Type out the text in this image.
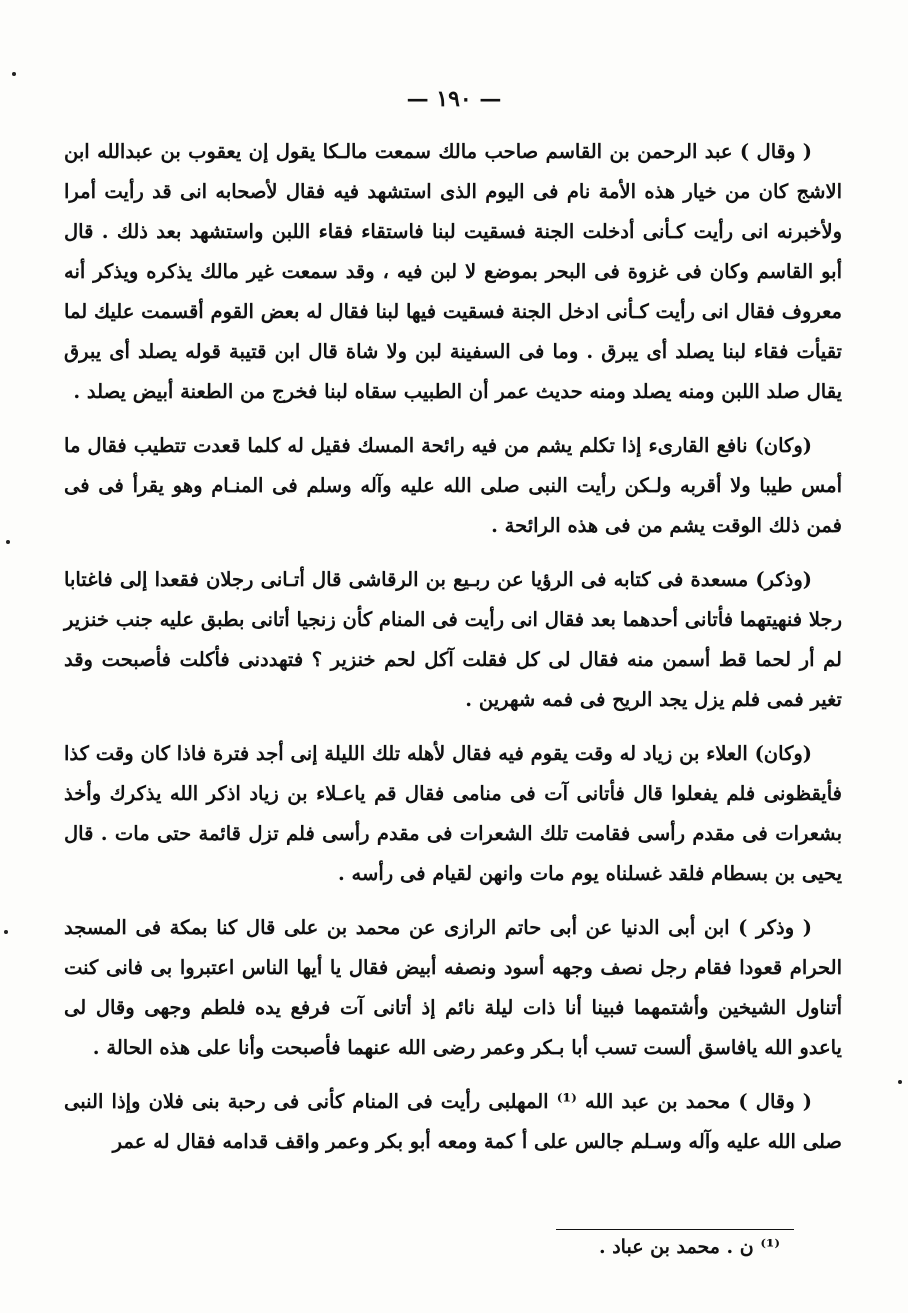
— ١٩٠ —

( وقال ) عبد الرحمن بن القاسم صاحب مالك سمعت مالـكا يقول إن يعقوب بن عبدالله ابن الاشج كان من خيار هذه الأمة نام فى اليوم الذى استشهد فيه فقال لأصحابه انى قد رأيت أمرا ولأخبرنه انى رأيت كـأنى أدخلت الجنة فسقيت لبنا فاستقاء فقاء اللبن واستشهد بعد ذلك . قال أبو القاسم وكان فى غزوة فى البحر بموضع لا لبن فيه ، وقد سمعت غير مالك يذكره ويذكر أنه معروف فقال انى رأيت كـأنى ادخل الجنة فسقيت فيها لبنا فقال له بعض القوم أقسمت عليك لما تقيأت فقاء لبنا يصلد أى يبرق . وما فى السفينة لبن ولا شاة قال ابن قتيبة قوله يصلد أى يبرق يقال صلد اللبن ومنه يصلد ومنه حديث عمر أن الطبيب سقاه لبنا فخرج من الطعنة أبيض يصلد .

(وكان) نافع القارىء إذا تكلم يشم من فيه رائحة المسك فقيل له كلما قعدت تتطيب فقال ما أمس طيبا ولا أقربه ولـكن رأيت النبى صلى الله عليه وآله وسلم فى المنـام وهو يقرأ فى فى فمن ذلك الوقت يشم من فى هذه الرائحة .

(وذكر) مسعدة فى كتابه فى الرؤيا عن ربـيع بن الرقاشى قال أتـانى رجلان فقعدا إلى فاغتابا رجلا فنهيتهما فأتانى أحدهما بعد فقال انى رأيت فى المنام كأن زنجيا أتانى بطبق عليه جنب خنزير لم أر لحما قط أسمن منه فقال لى كل فقلت آكل لحم خنزير ؟ فتهددنى فأكلت فأصبحت وقد تغير فمى فلم يزل يجد الريح فى فمه شهرين .

(وكان) العلاء بن زياد له وقت يقوم فيه فقال لأهله تلك الليلة إنى أجد فترة فاذا كان وقت كذا فأيقظونى فلم يفعلوا قال فأتانى آت فى منامى فقال قم ياعـلاء بن زياد اذكر الله يذكرك وأخذ بشعرات فى مقدم رأسى فقامت تلك الشعرات فى مقدم رأسى فلم تزل قائمة حتى مات . قال يحيى بن بسطام فلقد غسلناه يوم مات وانهن لقيام فى رأسه .

( وذكر ) ابن أبى الدنيا عن أبى حاتم الرازى عن محمد بن على قال كنا بمكة فى المسجد الحرام قعودا فقام رجل نصف وجهه أسود ونصفه أبيض فقال يا أيها الناس اعتبروا بى فانى كنت أتناول الشيخين وأشتمهما فبينا أنا ذات ليلة نائم إذ أتانى آت فرفع يده فلطم وجهى وقال لى ياعدو الله يافاسق ألست تسب أبا بـكر وعمر رضى الله عنهما فأصبحت وأنا على هذه الحالة .

( وقال ) محمد بن عبد الله ⁽¹⁾ المهلبى رأيت فى المنام كأنى فى رحبة بنى فلان وإذا النبى صلى الله عليه وآله وسـلم جالس على أ كمة ومعه أبو بكر وعمر واقف قدامه فقال له عمر

⁽¹⁾ ن . محمد بن عباد .
